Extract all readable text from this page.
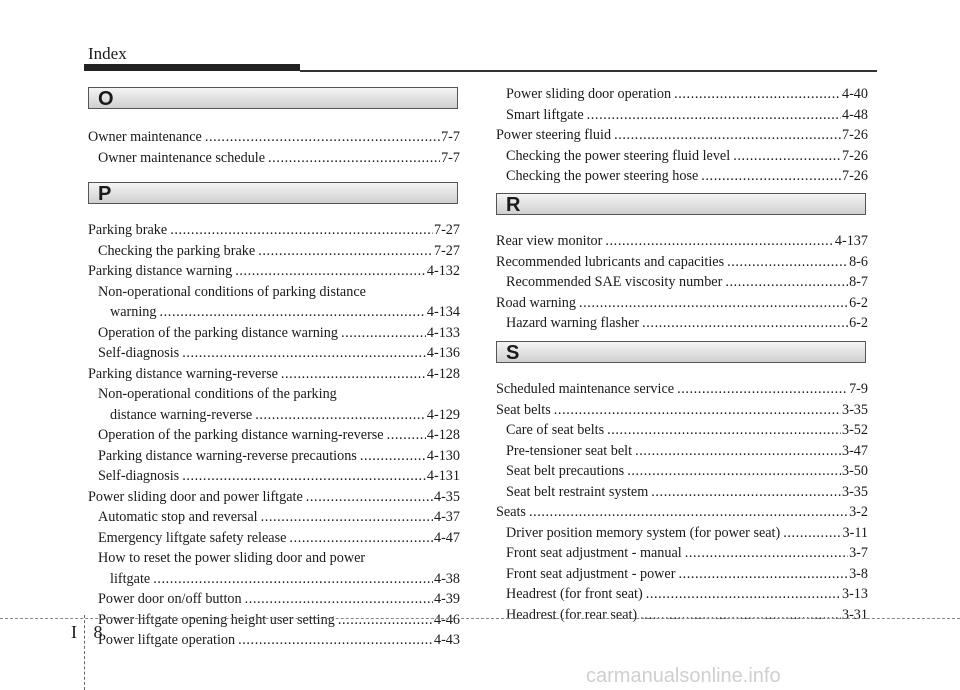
Index
O
Owner maintenance .....	7-7
Owner maintenance schedule .....	7-7
P
Parking brake .....	7-27
Checking the parking brake .....	7-27
Parking distance warning .....	4-132
Non-operational conditions of parking distance
warning .....	4-134
Operation of the parking distance warning .....	4-133
Self-diagnosis .....	4-136
Parking distance warning-reverse .....	4-128
Non-operational conditions of the parking
distance warning-reverse .....	4-129
Operation of the parking distance warning-reverse .....	4-128
Parking distance warning-reverse precautions .....	4-130
Self-diagnosis .....	4-131
Power sliding door and power liftgate .....	4-35
Automatic stop and reversal .....	4-37
Emergency liftgate safety release .....	4-47
How to reset the power sliding door and power
liftgate .....	4-38
Power door on/off button .....	4-39
Power liftgate opening height user setting .....	4-46
Power liftgate operation .....	4-43
Power sliding door operation .....	4-40
Smart liftgate .....	4-48
Power steering fluid .....	7-26
Checking the power steering fluid level .....	7-26
Checking the power steering hose .....	7-26
R
Rear view monitor .....	4-137
Recommended lubricants and capacities .....	8-6
Recommended SAE viscosity number .....	8-7
Road warning .....	6-2
Hazard warning flasher .....	6-2
S
Scheduled maintenance service .....	7-9
Seat belts .....	3-35
Care of seat belts .....	3-52
Pre-tensioner seat belt .....	3-47
Seat belt precautions .....	3-50
Seat belt restraint system .....	3-35
Seats .....	3-2
Driver position memory system (for power seat) .....	3-11
Front seat adjustment - manual .....	3-7
Front seat adjustment - power .....	3-8
Headrest (for front seat) .....	3-13
Headrest (for rear seat) .....	3-31
I 8
carmanualsonline.info
